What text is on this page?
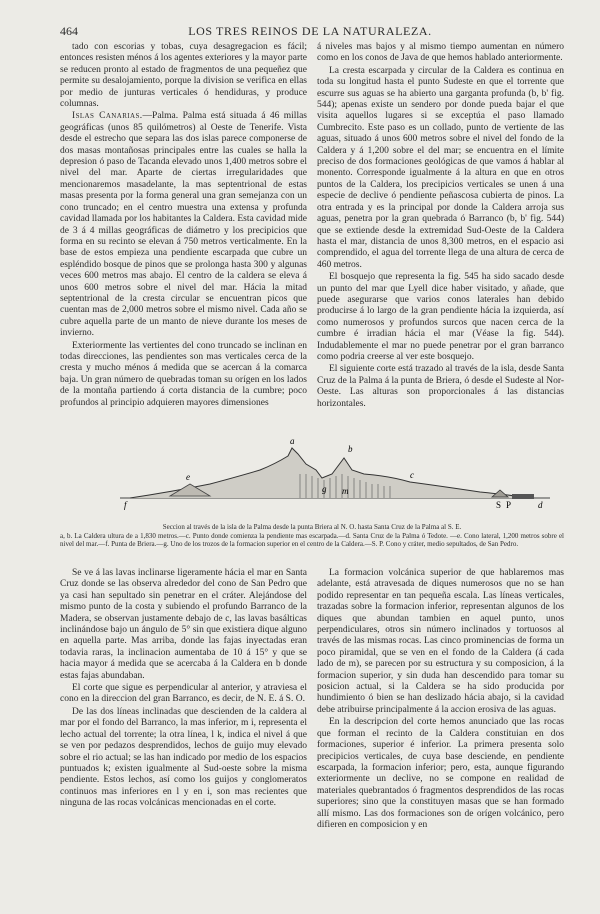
464	LOS TRES REINOS DE LA NATURALEZA.

tado con escorias y tobas, cuya desagregacion es fácil; entonces resisten ménos á los agentes exteriores y la mayor parte se reducen pronto al estado de fragmentos de una pequeñez que permite su desalojamiento, porque la division se verifica en ellas por medio de junturas verticales ó hendiduras, y produce columnas.

Islas Canarias.—Palma. Palma está situada á 46 millas geográficas (unos 85 quilómetros) al Oeste de Tenerife. Vista desde el estrecho que separa las dos islas parece componerse de dos masas montañosas principales entre las cuales se halla la depresion ó paso de Tacanda elevado unos 1,400 metros sobre el nivel del mar. Aparte de ciertas irregularidades que mencionaremos masadelante, la mas septentrional de estas masas presenta por la forma general una gran semejanza con un cono truncado; en el centro muestra una extensa y profunda cavidad llamada por los habitantes la Caldera. Esta cavidad mide de 3 á 4 millas geográficas de diámetro y los precipicios que forma en su recinto se elevan á 750 metros verticalmente. En la base de estos empieza una pendiente escarpada que cubre un espléndido bosque de pinos que se prolonga hasta 300 y algunas veces 600 metros mas abajo. El centro de la caldera se eleva á unos 600 metros sobre el nivel del mar. Hácia la mitad septentrional de la cresta circular se encuentran picos que cuentan mas de 2,000 metros sobre el mismo nivel. Cada año se cubre aquella parte de un manto de nieve durante los meses de invierno.

Exteriormente las vertientes del cono truncado se inclinan en todas direcciones, las pendientes son mas verticales cerca de la cresta y mucho ménos á medida que se acercan á la comarca baja. Un gran número de quebradas toman su orígen en los lados de la montaña partiendo á corta distancia de la cumbre; poco profundos al principio adquieren mayores dimensiones

á niveles mas bajos y al mismo tiempo aumentan en número como en los conos de Java de que hemos hablado anteriormente.

La cresta escarpada y circular de la Caldera es continua en toda su longitud hasta el punto Sudeste en que el torrente que escurre sus aguas se ha abierto una garganta profunda (b, b' fig. 544); apenas existe un sendero por donde pueda bajar el que visita aquellos lugares si se exceptúa el paso llamado Cumbrecito. Este paso es un collado, punto de vertiente de las aguas, situado á unos 600 metros sobre el nivel del fondo de la Caldera y á 1,200 sobre el del mar; se encuentra en el límite preciso de dos formaciones geológicas de que vamos á hablar al monento. Corresponde igualmente á la altura en que en otros puntos de la Caldera, los precipicios verticales se unen á una especie de declive ó pendiente peñascosa cubierta de pinos. La otra entrada y es la principal por donde la Caldera arroja sus aguas, penetra por la gran quebrada ó Barranco (b, b' fig. 544) que se extiende desde la extremidad Sud-Oeste de la Caldera hasta el mar, distancia de unos 8,300 metros, en el espacio asi comprendido, el agua del torrente llega de una altura de cerca de 460 metros.

El bosquejo que representa la fig. 545 ha sido sacado desde un punto del mar que Lyell dice haber visitado, y añade, que puede asegurarse que varios conos laterales han debido producirse á lo largo de la gran pendiente hácia la izquierda, así como numerosos y profundos surcos que nacen cerca de la cumbre é irradian hácia el mar (Véase la fig. 544). Indudablemente el mar no puede penetrar por el gran barranco como podria creerse al ver este bosquejo.

El siguiente corte está trazado al través de la isla, desde Santa Cruz de la Palma á la punta de Briera, ó desde el Sudeste al Nor-Oeste. Las alturas son proporcionales á las distancias horizontales.

a
b
c
d
e
f
g m
S P
Seccion al través de la isla de la Palma desde la punta Briera al N. O. hasta Santa Cruz de la Palma al S. E.
a, b. La Caldera ultura de a 1,830 metros.—c. Punto donde comienza la pendiente mas escarpada.—d. Santa Cruz de la Palma ó Tedote. —e. Cono lateral, 1,200 metros sobre el nivel del mar.—f. Punta de Briera.—g. Uno de los trozos de la formacion superior en el centro de la Caldera.—S. P. Cono y cráter, medio sepultados, de San Pedro.

Se ve á las lavas inclinarse ligeramente hácia el mar en Santa Cruz donde se las observa alrededor del cono de San Pedro que ya casi han sepultado sin penetrar en el cráter. Alejándose del mismo punto de la costa y subiendo el profundo Barranco de la Madera, se observan justamente debajo de c, las lavas basálticas inclinándose bajo un ángulo de 5° sin que existiera dique alguno en aquella parte. Mas arriba, donde las fajas inyectadas eran todavia raras, la inclinacion aumentaba de 10 á 15° y que se hacia mayor á medida que se acercaba á la Caldera en b donde estas fajas abundaban.

El corte que sigue es perpendicular al anterior, y atraviesa el cono en la direccion del gran Barranco, es decir, de N. E. á S. O.

De las dos líneas inclinadas que descienden de la caldera al mar por el fondo del Barranco, la mas inferior, m i, representa el lecho actual del torrente; la otra línea, l k, indica el nivel á que se ven por pedazos desprendidos, lechos de guijo muy elevado sobre el rio actual; se las han indicado por medio de los espacios puntuados k; existen igualmente al Sud-oeste sobre la misma pendiente. Estos lechos, así como los guijos y conglomeratos continuos mas inferiores en l y en i, son mas recientes que ninguna de las rocas volcánicas mencionadas en el corte.

La formacion volcánica superior de que hablaremos mas adelante, está atravesada de diques numerosos que no se han podido representar en tan pequeña escala. Las líneas verticales, trazadas sobre la formacion inferior, representan algunos de los diques que abundan tambien en aquel punto, unos perpendiculares, otros sin número inclinados y tortuosos al través de las mismas rocas. Las cinco prominencias de forma un poco piramidal, que se ven en el fondo de la Caldera (á cada lado de m), se parecen por su estructura y su composicion, á la formacion superior, y sin duda han descendido para tomar su posicion actual, si la Caldera se ha sido producida por hundimiento ó bien se han deslizado hácia abajo, si la cavidad debe atribuirse principalmente á la accion erosiva de las aguas.

En la descripcion del corte hemos anunciado que las rocas que forman el recinto de la Caldera constituian en dos formaciones, superior é inferior. La primera presenta solo precipicios verticales, de cuya base desciende, en pendiente escarpada, la formacion inferior; pero, esta, aunque figurando exteriormente un declive, no se compone en realidad de materiales quebrantados ó fragmentos desprendidos de las rocas superiores; sino que la constituyen masas que se han formado allí mismo. Las dos formaciones son de orígen volcánico, pero difieren en composicion y en
